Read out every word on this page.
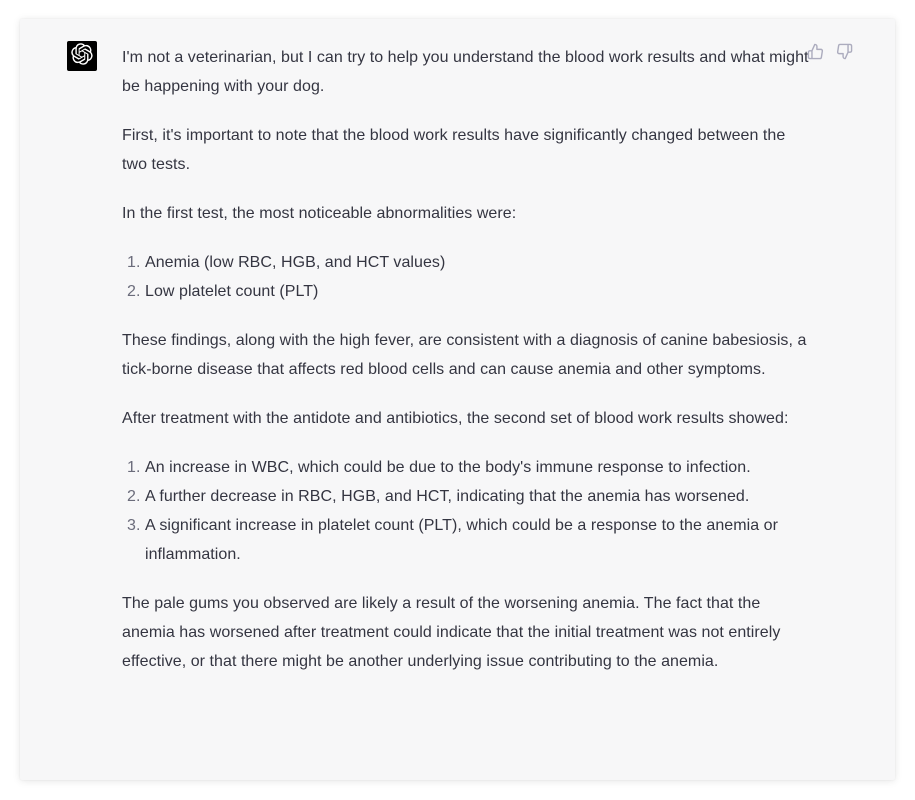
I'm not a veterinarian, but I can try to help you understand the blood work results and what might be happening with your dog.

First, it's important to note that the blood work results have significantly changed between the two tests.

In the first test, the most noticeable abnormalities were:

1. Anemia (low RBC, HGB, and HCT values)
2. Low platelet count (PLT)

These findings, along with the high fever, are consistent with a diagnosis of canine babesiosis, a tick-borne disease that affects red blood cells and can cause anemia and other symptoms.

After treatment with the antidote and antibiotics, the second set of blood work results showed:

1. An increase in WBC, which could be due to the body's immune response to infection.
2. A further decrease in RBC, HGB, and HCT, indicating that the anemia has worsened.
3. A significant increase in platelet count (PLT), which could be a response to the anemia or inflammation.

The pale gums you observed are likely a result of the worsening anemia. The fact that the anemia has worsened after treatment could indicate that the initial treatment was not entirely effective, or that there might be another underlying issue contributing to the anemia.
